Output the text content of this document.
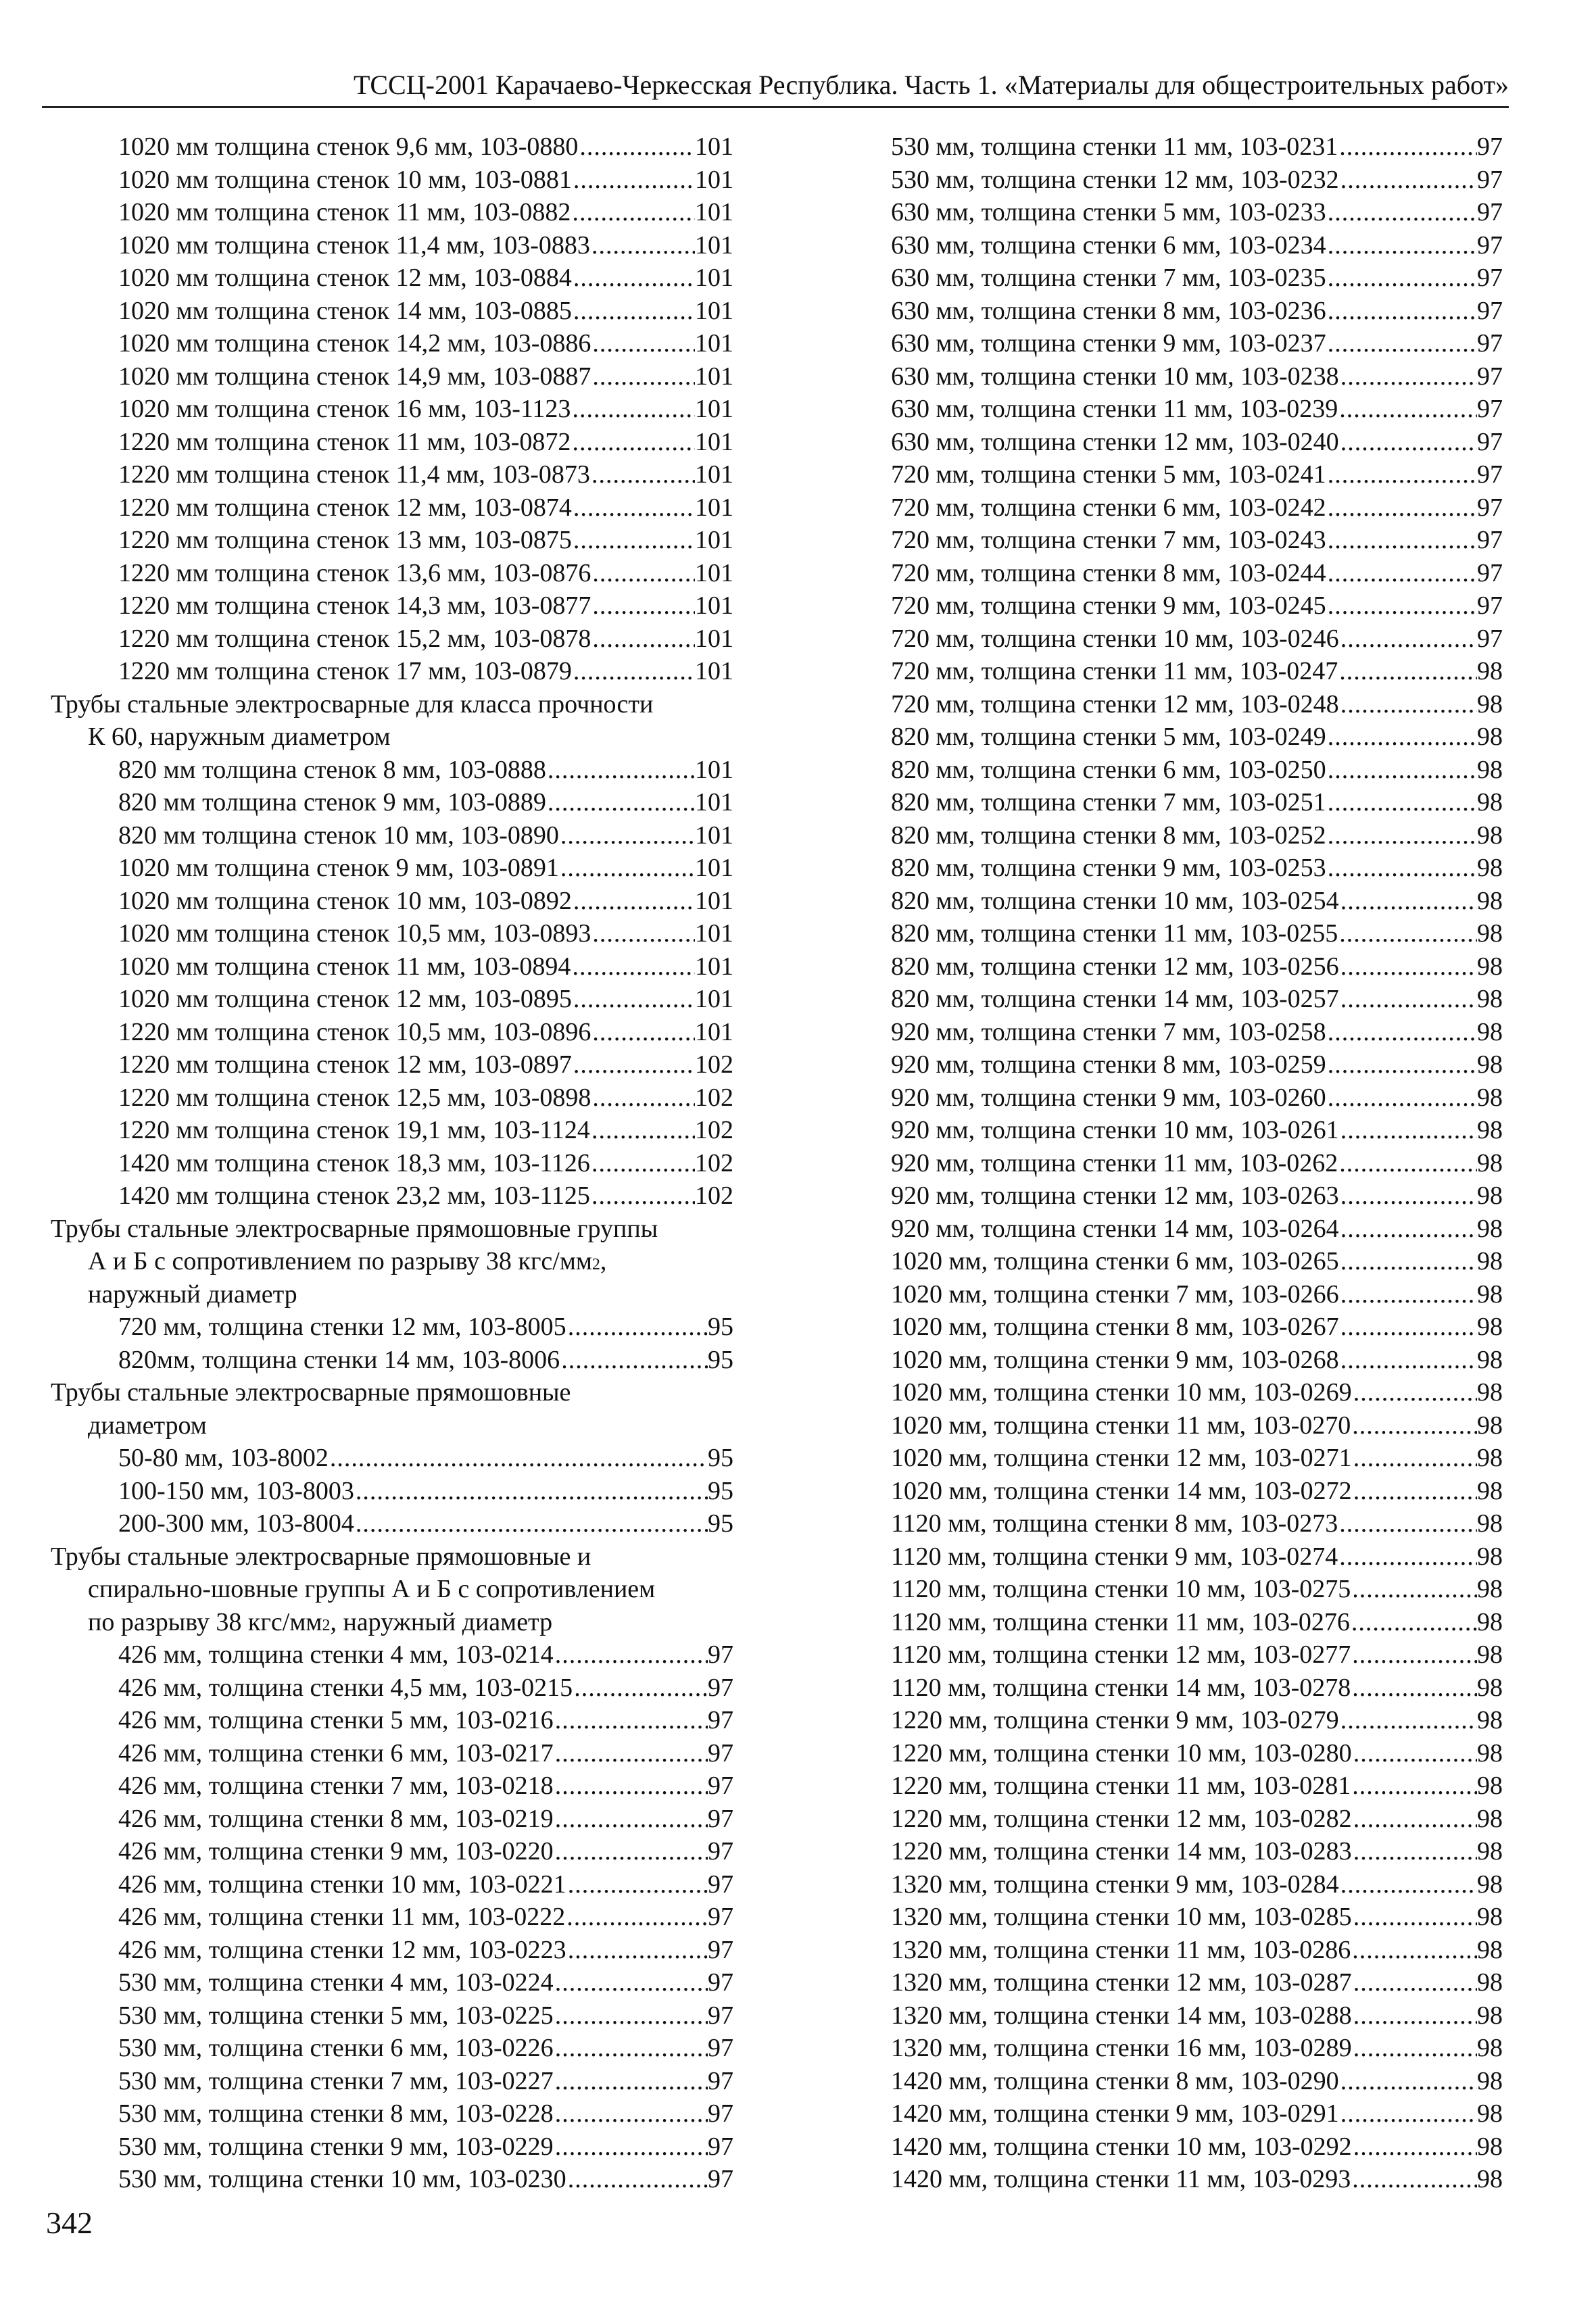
ТССЦ-2001 Карачаево-Черкесская Республика. Часть 1. «Материалы для общестроительных работ»
1020 мм толщина стенок 9,6 мм, 103-0880 .....	101
1020 мм толщина стенок 10 мм, 103-0881 .....	101
1020 мм толщина стенок 11 мм, 103-0882 .....	101
1020 мм толщина стенок 11,4 мм, 103-0883 .....	101
1020 мм толщина стенок 12 мм, 103-0884 .....	101
1020 мм толщина стенок 14 мм, 103-0885 .....	101
1020 мм толщина стенок 14,2 мм, 103-0886 .....	101
1020 мм толщина стенок 14,9 мм, 103-0887 .....	101
1020 мм толщина стенок 16 мм, 103-1123 .....	101
1220 мм толщина стенок 11 мм, 103-0872 .....	101
1220 мм толщина стенок 11,4 мм, 103-0873 .....	101
1220 мм толщина стенок 12 мм, 103-0874 .....	101
1220 мм толщина стенок 13 мм, 103-0875 .....	101
1220 мм толщина стенок 13,6 мм, 103-0876 .....	101
1220 мм толщина стенок 14,3 мм, 103-0877 .....	101
1220 мм толщина стенок 15,2 мм, 103-0878 .....	101
1220 мм толщина стенок 17 мм, 103-0879 .....	101
Трубы стальные электросварные для класса прочности
К 60, наружным диаметром
820 мм толщина стенок 8 мм, 103-0888 .....	101
820 мм толщина стенок 9 мм, 103-0889 .....	101
820 мм толщина стенок 10 мм, 103-0890 .....	101
1020 мм толщина стенок 9 мм, 103-0891 .....	101
1020 мм толщина стенок 10 мм, 103-0892 .....	101
1020 мм толщина стенок 10,5 мм, 103-0893 .....	101
1020 мм толщина стенок 11 мм, 103-0894 .....	101
1020 мм толщина стенок 12 мм, 103-0895 .....	101
1220 мм толщина стенок 10,5 мм, 103-0896 .....	101
1220 мм толщина стенок 12 мм, 103-0897 .....	102
1220 мм толщина стенок 12,5 мм, 103-0898 .....	102
1220 мм толщина стенок 19,1 мм, 103-1124 .....	102
1420 мм толщина стенок 18,3 мм, 103-1126 .....	102
1420 мм толщина стенок 23,2 мм, 103-1125 .....	102
Трубы стальные электросварные прямошовные группы
А и Б с сопротивлением по разрыву 38 кгс/мм 2 ,
наружный диаметр
720 мм, толщина стенки 12 мм, 103-8005 .....	95
820мм, толщина стенки 14 мм, 103-8006 .....	95
Трубы стальные электросварные прямошовные
диаметром
50-80 мм, 103-8002 .....	95
100-150 мм, 103-8003 .....	95
200-300 мм, 103-8004 .....	95
Трубы стальные электросварные прямошовные и
спирально-шовные группы А и Б с сопротивлением
по разрыву 38 кгс/мм 2 , наружный диаметр
426 мм, толщина стенки 4 мм, 103-0214 .....	97
426 мм, толщина стенки 4,5 мм, 103-0215 .....	97
426 мм, толщина стенки 5 мм, 103-0216 .....	97
426 мм, толщина стенки 6 мм, 103-0217 .....	97
426 мм, толщина стенки 7 мм, 103-0218 .....	97
426 мм, толщина стенки 8 мм, 103-0219 .....	97
426 мм, толщина стенки 9 мм, 103-0220 .....	97
426 мм, толщина стенки 10 мм, 103-0221 .....	97
426 мм, толщина стенки 11 мм, 103-0222 .....	97
426 мм, толщина стенки 12 мм, 103-0223 .....	97
530 мм, толщина стенки 4 мм, 103-0224 .....	97
530 мм, толщина стенки 5 мм, 103-0225 .....	97
530 мм, толщина стенки 6 мм, 103-0226 .....	97
530 мм, толщина стенки 7 мм, 103-0227 .....	97
530 мм, толщина стенки 8 мм, 103-0228 .....	97
530 мм, толщина стенки 9 мм, 103-0229 .....	97
530 мм, толщина стенки 10 мм, 103-0230 .....	97
530 мм, толщина стенки 11 мм, 103-0231 .....	97
530 мм, толщина стенки 12 мм, 103-0232 .....	97
630 мм, толщина стенки 5 мм, 103-0233 .....	97
630 мм, толщина стенки 6 мм, 103-0234 .....	97
630 мм, толщина стенки 7 мм, 103-0235 .....	97
630 мм, толщина стенки 8 мм, 103-0236 .....	97
630 мм, толщина стенки 9 мм, 103-0237 .....	97
630 мм, толщина стенки 10 мм, 103-0238 .....	97
630 мм, толщина стенки 11 мм, 103-0239 .....	97
630 мм, толщина стенки 12 мм, 103-0240 .....	97
720 мм, толщина стенки 5 мм, 103-0241 .....	97
720 мм, толщина стенки 6 мм, 103-0242 .....	97
720 мм, толщина стенки 7 мм, 103-0243 .....	97
720 мм, толщина стенки 8 мм, 103-0244 .....	97
720 мм, толщина стенки 9 мм, 103-0245 .....	97
720 мм, толщина стенки 10 мм, 103-0246 .....	97
720 мм, толщина стенки 11 мм, 103-0247 .....	98
720 мм, толщина стенки 12 мм, 103-0248 .....	98
820 мм, толщина стенки 5 мм, 103-0249 .....	98
820 мм, толщина стенки 6 мм, 103-0250 .....	98
820 мм, толщина стенки 7 мм, 103-0251 .....	98
820 мм, толщина стенки 8 мм, 103-0252 .....	98
820 мм, толщина стенки 9 мм, 103-0253 .....	98
820 мм, толщина стенки 10 мм, 103-0254 .....	98
820 мм, толщина стенки 11 мм, 103-0255 .....	98
820 мм, толщина стенки 12 мм, 103-0256 .....	98
820 мм, толщина стенки 14 мм, 103-0257 .....	98
920 мм, толщина стенки 7 мм, 103-0258 .....	98
920 мм, толщина стенки 8 мм, 103-0259 .....	98
920 мм, толщина стенки 9 мм, 103-0260 .....	98
920 мм, толщина стенки 10 мм, 103-0261 .....	98
920 мм, толщина стенки 11 мм, 103-0262 .....	98
920 мм, толщина стенки 12 мм, 103-0263 .....	98
920 мм, толщина стенки 14 мм, 103-0264 .....	98
1020 мм, толщина стенки 6 мм, 103-0265 .....	98
1020 мм, толщина стенки 7 мм, 103-0266 .....	98
1020 мм, толщина стенки 8 мм, 103-0267 .....	98
1020 мм, толщина стенки 9 мм, 103-0268 .....	98
1020 мм, толщина стенки 10 мм, 103-0269 .....	98
1020 мм, толщина стенки 11 мм, 103-0270 .....	98
1020 мм, толщина стенки 12 мм, 103-0271 .....	98
1020 мм, толщина стенки 14 мм, 103-0272 .....	98
1120 мм, толщина стенки 8 мм, 103-0273 .....	98
1120 мм, толщина стенки 9 мм, 103-0274 .....	98
1120 мм, толщина стенки 10 мм, 103-0275 .....	98
1120 мм, толщина стенки 11 мм, 103-0276 .....	98
1120 мм, толщина стенки 12 мм, 103-0277 .....	98
1120 мм, толщина стенки 14 мм, 103-0278 .....	98
1220 мм, толщина стенки 9 мм, 103-0279 .....	98
1220 мм, толщина стенки 10 мм, 103-0280 .....	98
1220 мм, толщина стенки 11 мм, 103-0281 .....	98
1220 мм, толщина стенки 12 мм, 103-0282 .....	98
1220 мм, толщина стенки 14 мм, 103-0283 .....	98
1320 мм, толщина стенки 9 мм, 103-0284 .....	98
1320 мм, толщина стенки 10 мм, 103-0285 .....	98
1320 мм, толщина стенки 11 мм, 103-0286 .....	98
1320 мм, толщина стенки 12 мм, 103-0287 .....	98
1320 мм, толщина стенки 14 мм, 103-0288 .....	98
1320 мм, толщина стенки 16 мм, 103-0289 .....	98
1420 мм, толщина стенки 8 мм, 103-0290 .....	98
1420 мм, толщина стенки 9 мм, 103-0291 .....	98
1420 мм, толщина стенки 10 мм, 103-0292 .....	98
1420 мм, толщина стенки 11 мм, 103-0293 .....	98
342
